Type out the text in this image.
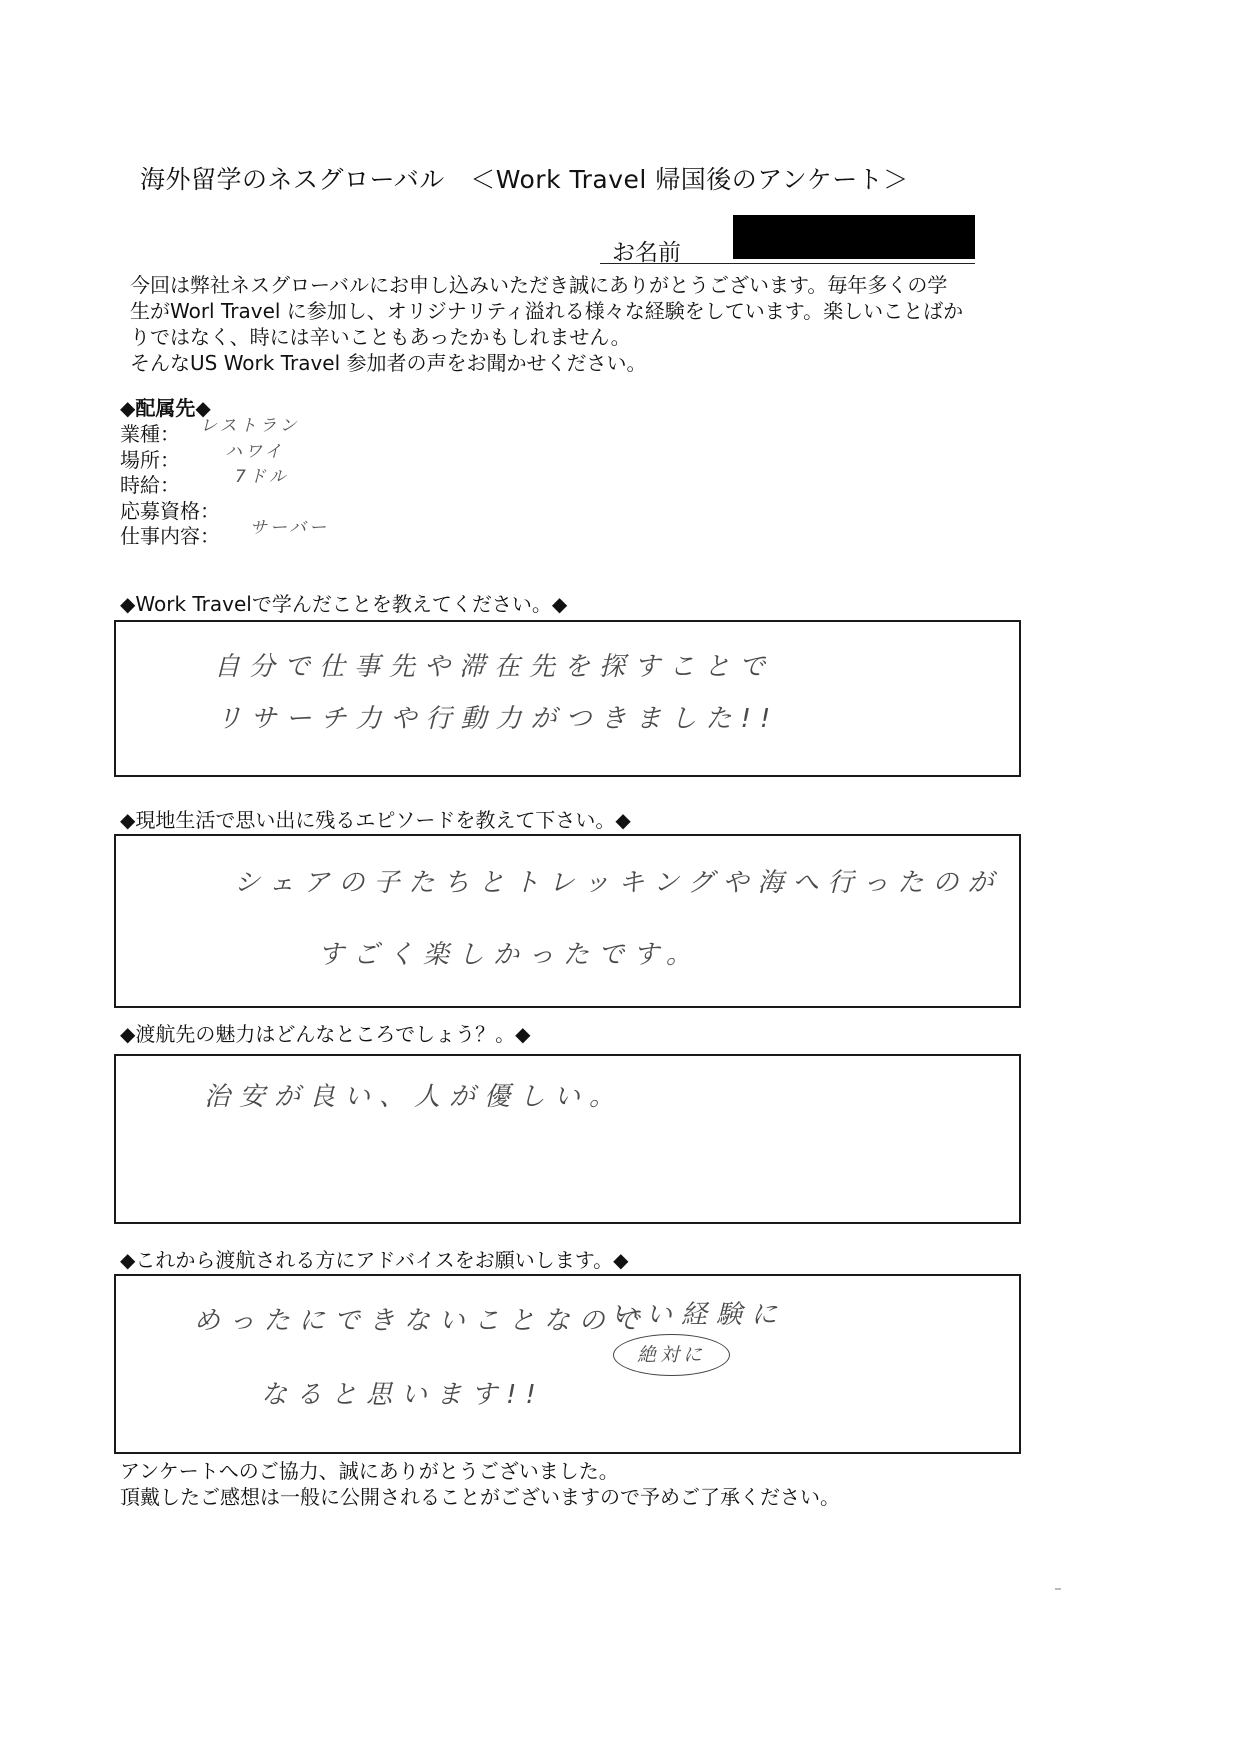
海外留学のネスグローバル　＜Work Travel 帰国後のアンケート＞
お名前
今回は弊社ネスグローバルにお申し込みいただき誠にありがとうございます。毎年多くの学
生がWorl Travel に参加し、オリジナリティ溢れる様々な経験をしています。楽しいことばか
りではなく、時には辛いこともあったかもしれません。
そんなUS Work Travel 参加者の声をお聞かせください。
◆配属先◆
業種： レストラン
場所：	ハワイ
時給：	7ドル
応募資格：
仕事内容： サーバー
◆Work Travelで学んだことを教えてください。◆
自分で仕事先や滞在先を探すことで
リサーチ力や行動力がつきました!!
◆現地生活で思い出に残るエピソードを教えて下さい。◆
シェアの子たちとトレッキングや海へ行ったのが
すごく楽しかったです。
◆渡航先の魅力はどんなところでしょう？。◆
治安が良い、人が優しい。
◆これから渡航される方にアドバイスをお願いします。◆
めったにできないことなので
いい経験に
絶対に
なると思います!!
アンケートへのご協力、誠にありがとうございました。
頂戴したご感想は一般に公開されることがございますので予めご了承ください。
